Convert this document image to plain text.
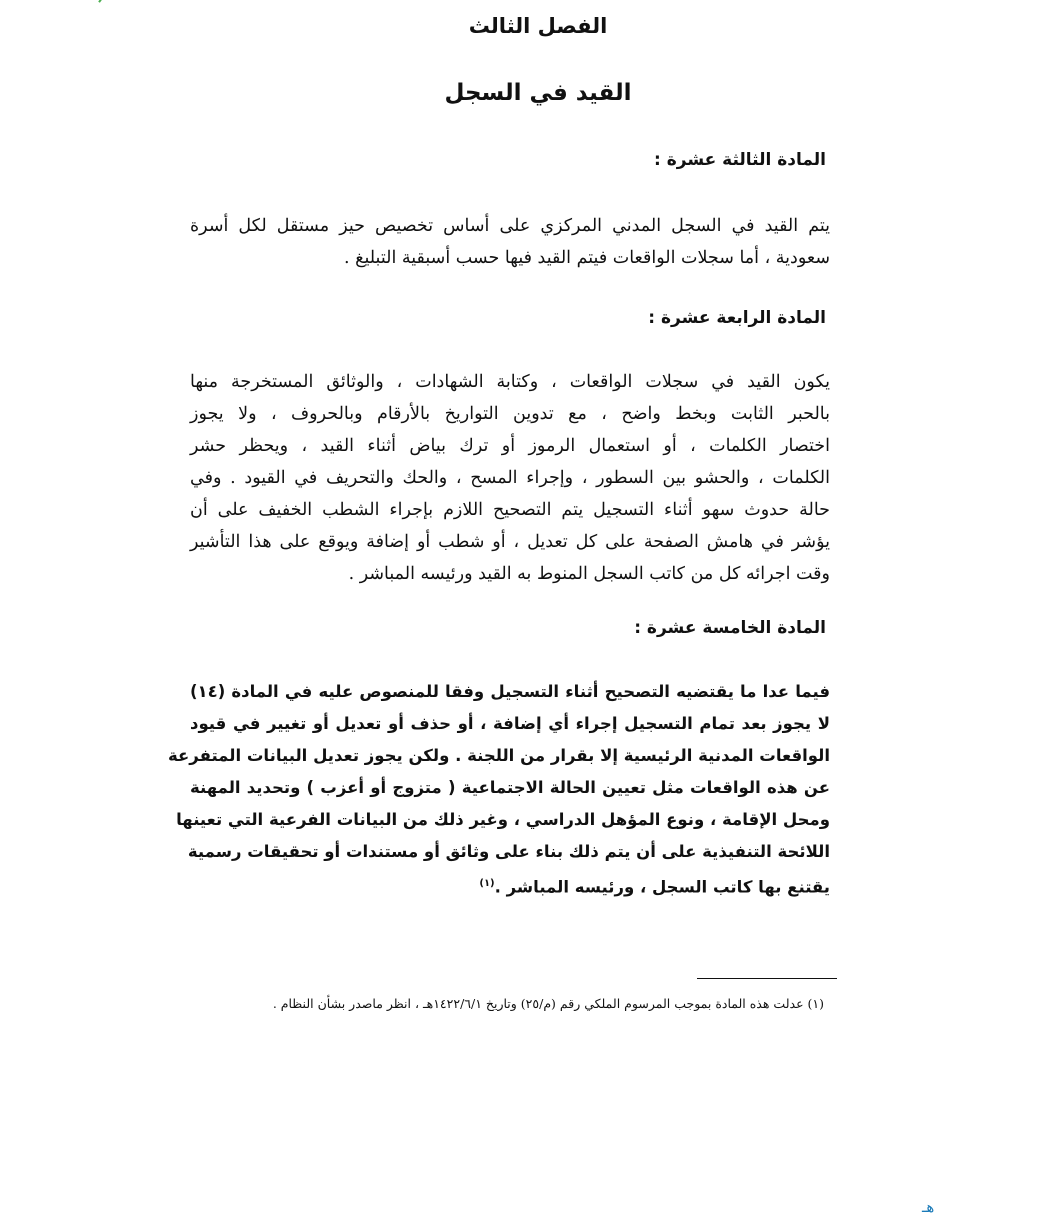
الفصل الثالث
القيد في السجل
المادة الثالثة عشرة :
يتم القيد في السجل المدني المركزي على أساس تخصيص حيز مستقل لكل أسرة
سعودية ، أما سجلات الواقعات فيتم القيد فيها حسب أسبقية التبليغ .
المادة الرابعة عشرة :
يكون القيد في سجلات الواقعات ، وكتابة الشهادات ، والوثائق المستخرجة منها
بالحبر الثابت وبخط واضح ، مع تدوين التواريخ بالأرقام وبالحروف ، ولا يجوز
اختصار الكلمات ، أو استعمال الرموز أو ترك بياض أثناء القيد ، ويحظر حشر
الكلمات ، والحشو بين السطور ، وإجراء المسح ، والحك والتحريف في القيود . وفي
حالة حدوث سهو أثناء التسجيل يتم التصحيح اللازم بإجراء الشطب الخفيف على أن
يؤشر في هامش الصفحة على كل تعديل ، أو شطب أو إضافة ويوقع على هذا التأشير
وقت اجرائه كل من كاتب السجل المنوط به القيد ورئيسه المباشر .
المادة الخامسة عشرة :
فيما عدا ما يقتضيه التصحيح أثناء التسجيل وفقا للمنصوص عليه في المادة (١٤)
لا يجوز بعد تمام التسجيل إجراء أي إضافة ، أو حذف أو تعديل أو تغيير في قيود
الواقعات المدنية الرئيسية إلا بقرار من اللجنة . ولكن يجوز تعديل البيانات المتفرعة
عن هذه الواقعات مثل تعيين الحالة الاجتماعية ( متزوج أو أعزب ) وتحديد المهنة
ومحل الإقامة ، ونوع المؤهل الدراسي ، وغير ذلك من البيانات الفرعية التي تعينها
اللائحة التنفيذية على أن يتم ذلك بناء على وثائق أو مستندات أو تحقيقات رسمية
يقتنع بها كاتب السجل ، ورئيسه المباشر .$^{(١)}$
(١) عدلت هذه المادة بموجب المرسوم الملكي رقم (م/٢٥) وتاريخ ١٤٢٢/٦/١هـ ، انظر ماصدر بشأن النظام .
هـ
